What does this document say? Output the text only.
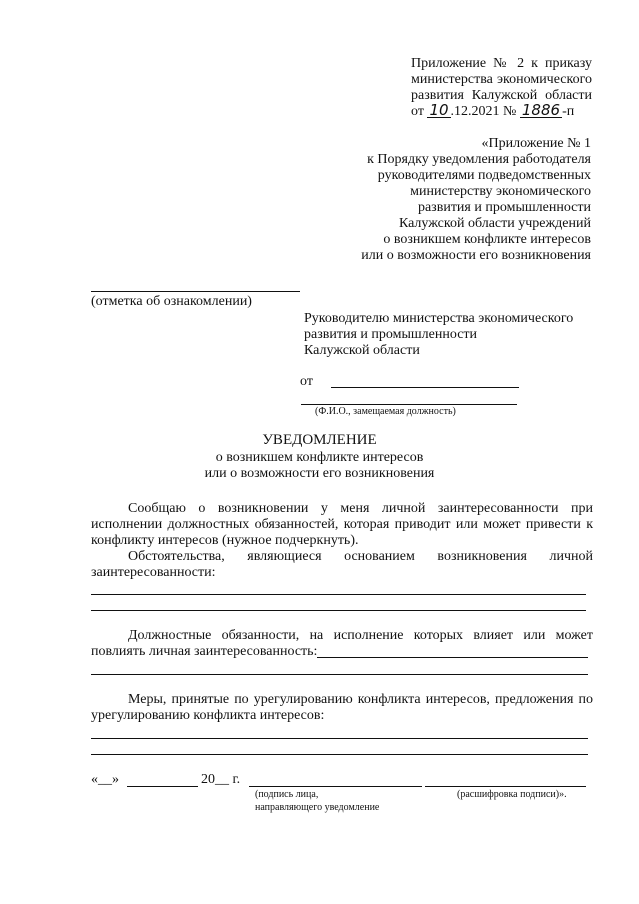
Приложение № 2 к приказу
министерства экономического
развития Калужской области
от 10 .12.2021 № 1886 -п
«Приложение № 1
к Порядку уведомления работодателя
руководителями подведомственных
министерству экономического
развития и промышленности
Калужской области учреждений
о возникшем конфликте интересов
или о возможности его возникновения
(отметка об ознакомлении)
Руководителю министерства экономического
развития и промышленности
Калужской области
от
(Ф.И.О., замещаемая должность)
УВЕДОМЛЕНИЕ
о возникшем конфликте интересов
или о возможности его возникновения
Сообщаю о возникновении у меня личной заинтересованности при
исполнении должностных обязанностей, которая приводит или может привести к
конфликту интересов (нужное подчеркнуть).
Обстоятельства, являющиеся основанием возникновения личной
заинтересованности:
Должностные обязанности, на исполнение которых влияет или может
повлиять личная заинтересованность:
Меры, принятые по урегулированию конфликта интересов, предложения по
урегулированию конфликта интересов:
«__»	20__ г.
(подпись лица,
направляющего уведомление
(расшифровка подписи)».
